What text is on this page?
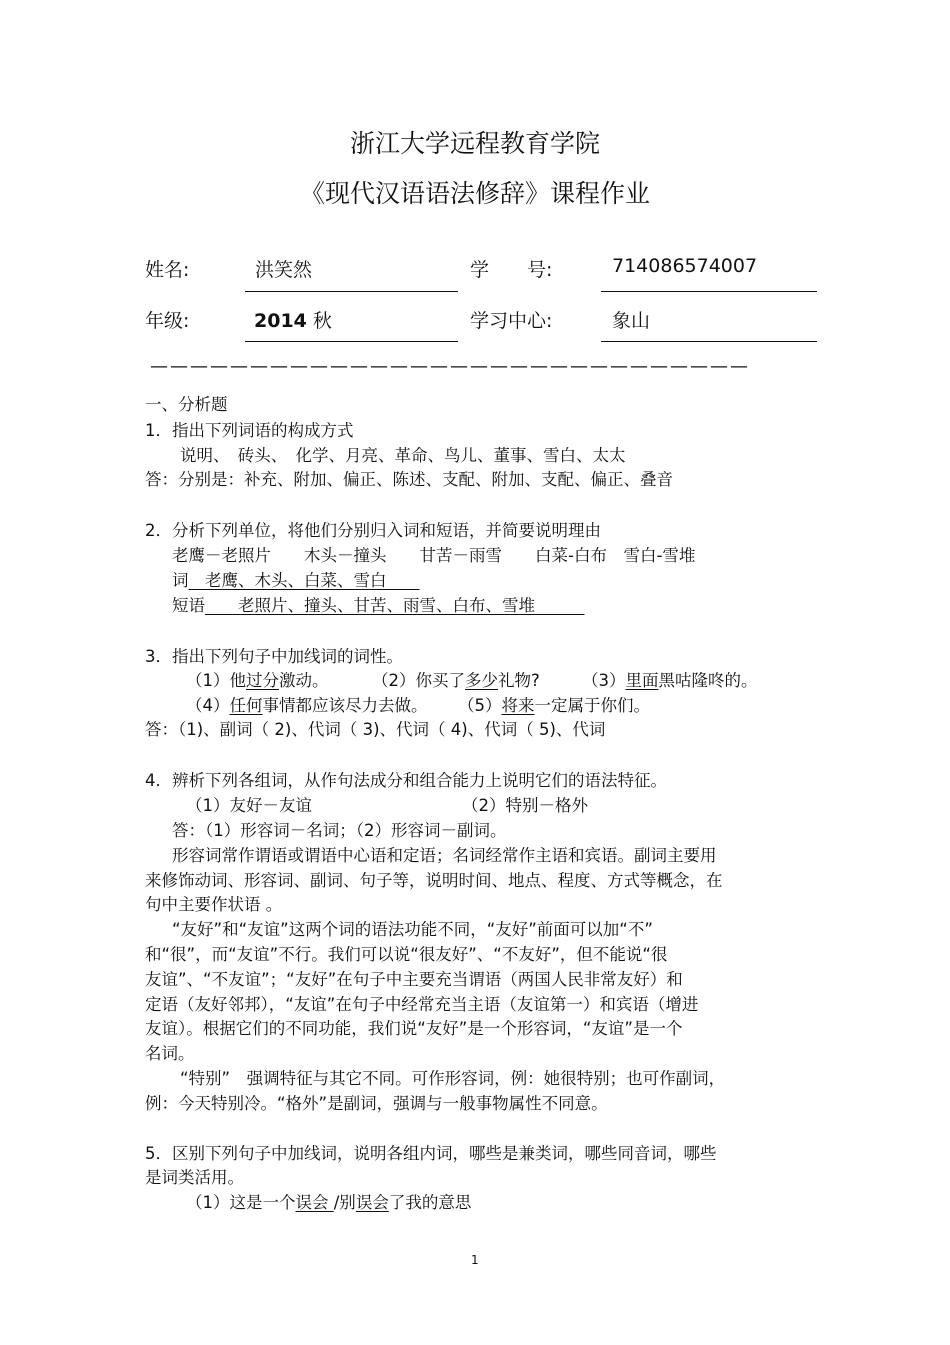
浙江大学远程教育学院
《现代汉语语法修辞》课程作业
姓名:	洪笑然	学　　号:	714086574007
年级:	2014 秋	学习中心:	象山
——————————————————————————————
一、分析题
1．指出下列词语的构成方式
说明、　砖头、　化学、月亮、革命、鸟儿、董事、雪白、太太
答：分别是：补充、附加、偏正、陈述、支配、附加、支配、偏正、叠音
2．分析下列单位，将他们分别归入词和短语，并简要说明理由
老鹰－老照片　　木头－撞头　　甘苦－雨雪　　白菜-白布　雪白-雪堆
词　老鹰、木头、白菜、雪白　　
短语　　老照片、撞头、甘苦、雨雪、白布、雪堆　　　
3．指出下列句子中加线词的词性。
（1）他过分激动。	（2）你买了多少礼物?	（3）里面黑咕隆咚的。
（4）任何事情都应该尽力去做。 （5）将来一定属于你们。
答：（1)、副词（ 2)、代词（ 3)、代词（ 4)、代词（ 5)、代词
4．辨析下列各组词，从作句法成分和组合能力上说明它们的语法特征。
（1）友好－友谊	（2）特别－格外
答：（1）形容词－名词；（2）形容词－副词。
形容词常作谓语或谓语中心语和定语；名词经常作主语和宾语。副词主要用
来修饰动词、形容词、副词、句子等，说明时间、地点、程度、方式等概念，在
句中主要作状语 。
“友好”和“友谊”这两个词的语法功能不同，“友好”前面可以加“不”
和“很”，而“友谊”不行。我们可以说“很友好”、“不友好”，但不能说“很
友谊”、“不友谊”；“友好”在句子中主要充当谓语（两国人民非常友好）和
定语（友好邻邦），“友谊”在句子中经常充当主语（友谊第一）和宾语（增进
友谊）。根据它们的不同功能，我们说“友好”是一个形容词，“友谊”是一个
名词。
“特别”　强调特征与其它不同。可作形容词，例：她很特别；也可作副词，
例：今天特别冷。“格外”是副词，强调与一般事物属性不同意。
5．区别下列句子中加线词，说明各组内词，哪些是兼类词，哪些同音词，哪些
是词类活用。
（1）这是一个误会 /别误会了我的意思
1
